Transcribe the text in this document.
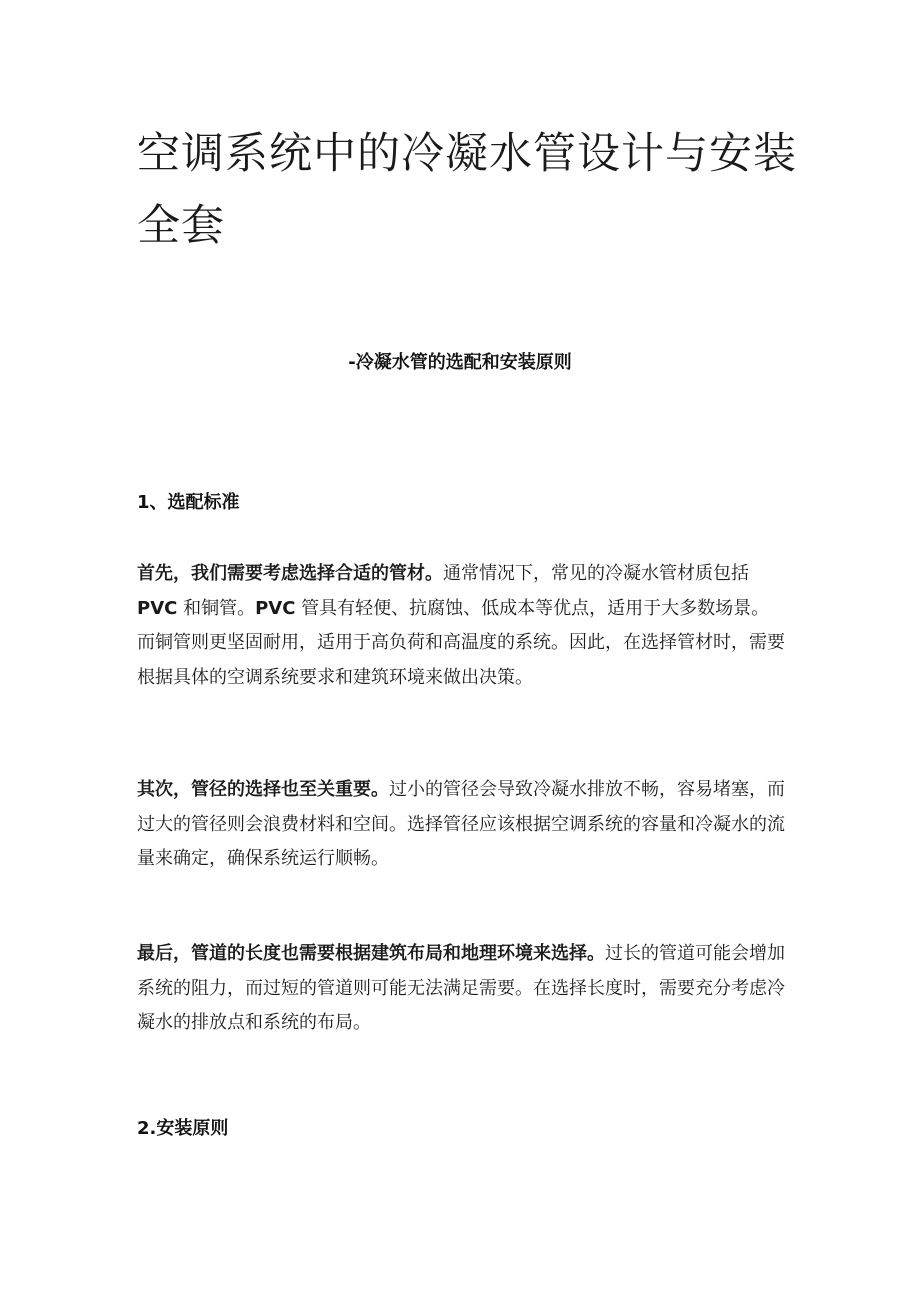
空调系统中的冷凝水管设计与安装全套

-冷凝水管的选配和安装原则

1、选配标准

首先，我们需要考虑选择合适的管材。通常情况下，常见的冷凝水管材质包括 PVC 和铜管。PVC 管具有轻便、抗腐蚀、低成本等优点，适用于大多数场景。而铜管则更坚固耐用，适用于高负荷和高温度的系统。因此，在选择管材时，需要根据具体的空调系统要求和建筑环境来做出决策。

其次，管径的选择也至关重要。过小的管径会导致冷凝水排放不畅，容易堵塞，而过大的管径则会浪费材料和空间。选择管径应该根据空调系统的容量和冷凝水的流量来确定，确保系统运行顺畅。

最后，管道的长度也需要根据建筑布局和地理环境来选择。过长的管道可能会增加系统的阻力，而过短的管道则可能无法满足需要。在选择长度时，需要充分考虑冷凝水的排放点和系统的布局。

2.安装原则
